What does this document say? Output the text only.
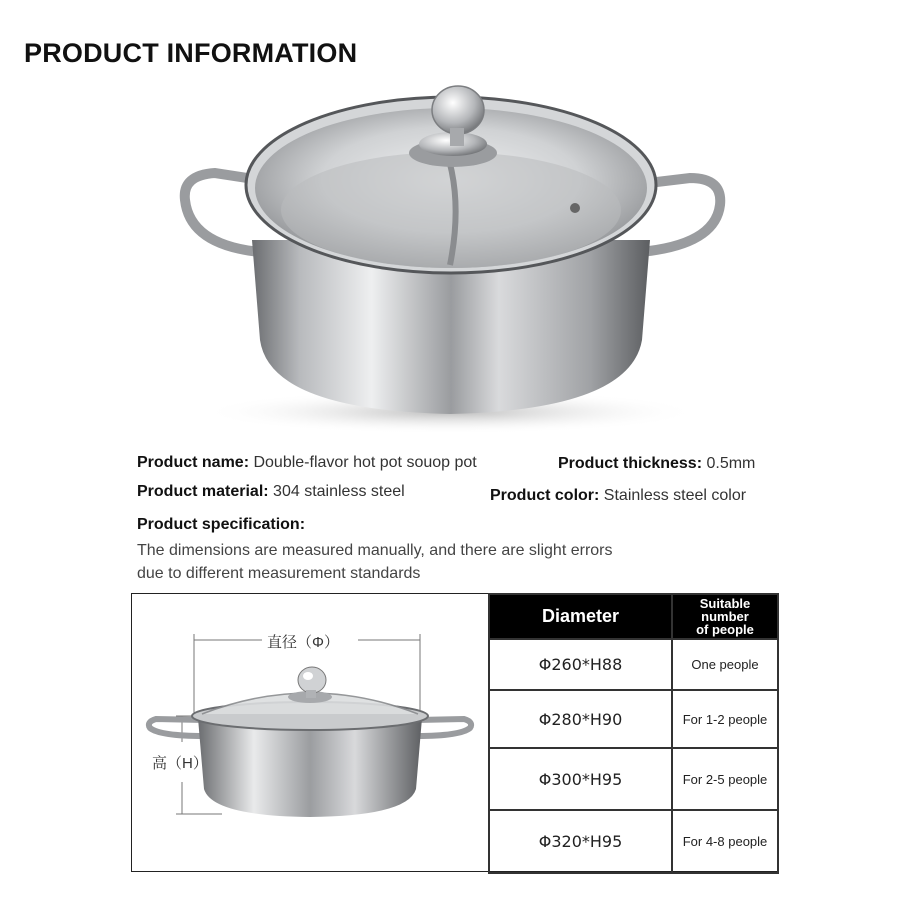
PRODUCT INFORMATION
Product name: Double-flavor hot pot souop pot	Product thickness: 0.5mm
Product material: 304 stainless steel	Product color: Stainless steel color
Product specification:
The dimensions are measured manually, and there are slight errors
due to different measurement standards
直径（Φ）
高（H）
Diameter	Suitable
number
of people

Φ260*H88	One people
Φ280*H90	For 1-2 people
Φ300*H95	For 2-5 people
Φ320*H95	For 4-8 people
